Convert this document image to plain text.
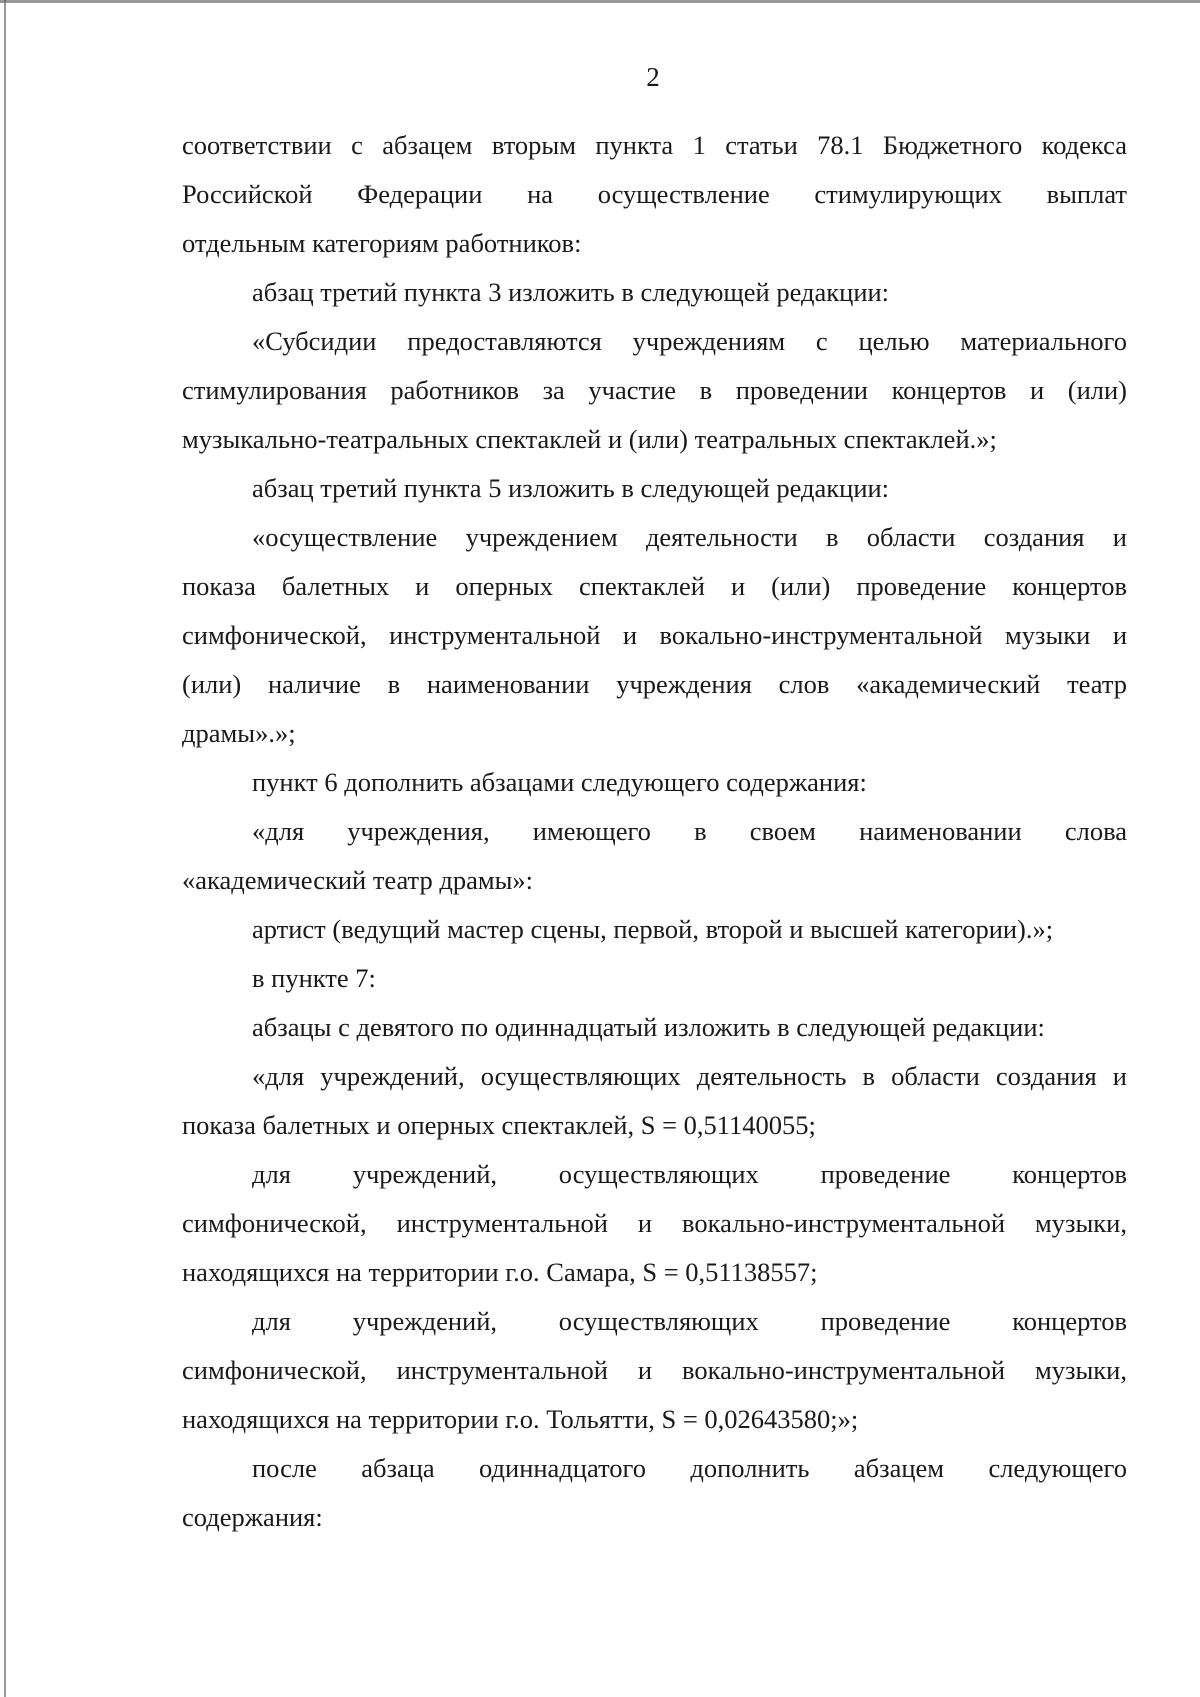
2
соответствии с абзацем вторым пункта 1 статьи 78.1 Бюджетного кодекса
Российской Федерации на осуществление стимулирующих выплат
отдельным категориям работников:
абзац третий пункта 3 изложить в следующей редакции:
«Субсидии предоставляются учреждениям с целью материального
стимулирования работников за участие в проведении концертов и (или)
музыкально-театральных спектаклей и (или) театральных спектаклей.»;
абзац третий пункта 5 изложить в следующей редакции:
«осуществление учреждением деятельности в области создания и
показа балетных и оперных спектаклей и (или) проведение концертов
симфонической, инструментальной и вокально-инструментальной музыки и
(или) наличие в наименовании учреждения слов «академический театр
драмы».»;
пункт 6 дополнить абзацами следующего содержания:
«для учреждения, имеющего в своем наименовании слова
«академический театр драмы»:
артист (ведущий мастер сцены, первой, второй и высшей категории).»;
в пункте 7:
абзацы с девятого по одиннадцатый изложить в следующей редакции:
«для учреждений, осуществляющих деятельность в области создания и
показа балетных и оперных спектаклей, S = 0,51140055;
для учреждений, осуществляющих проведение концертов
симфонической, инструментальной и вокально-инструментальной музыки,
находящихся на территории г.о. Самара, S = 0,51138557;
для учреждений, осуществляющих проведение концертов
симфонической, инструментальной и вокально-инструментальной музыки,
находящихся на территории г.о. Тольятти, S = 0,02643580;»;
после абзаца одиннадцатого дополнить абзацем следующего
содержания:
